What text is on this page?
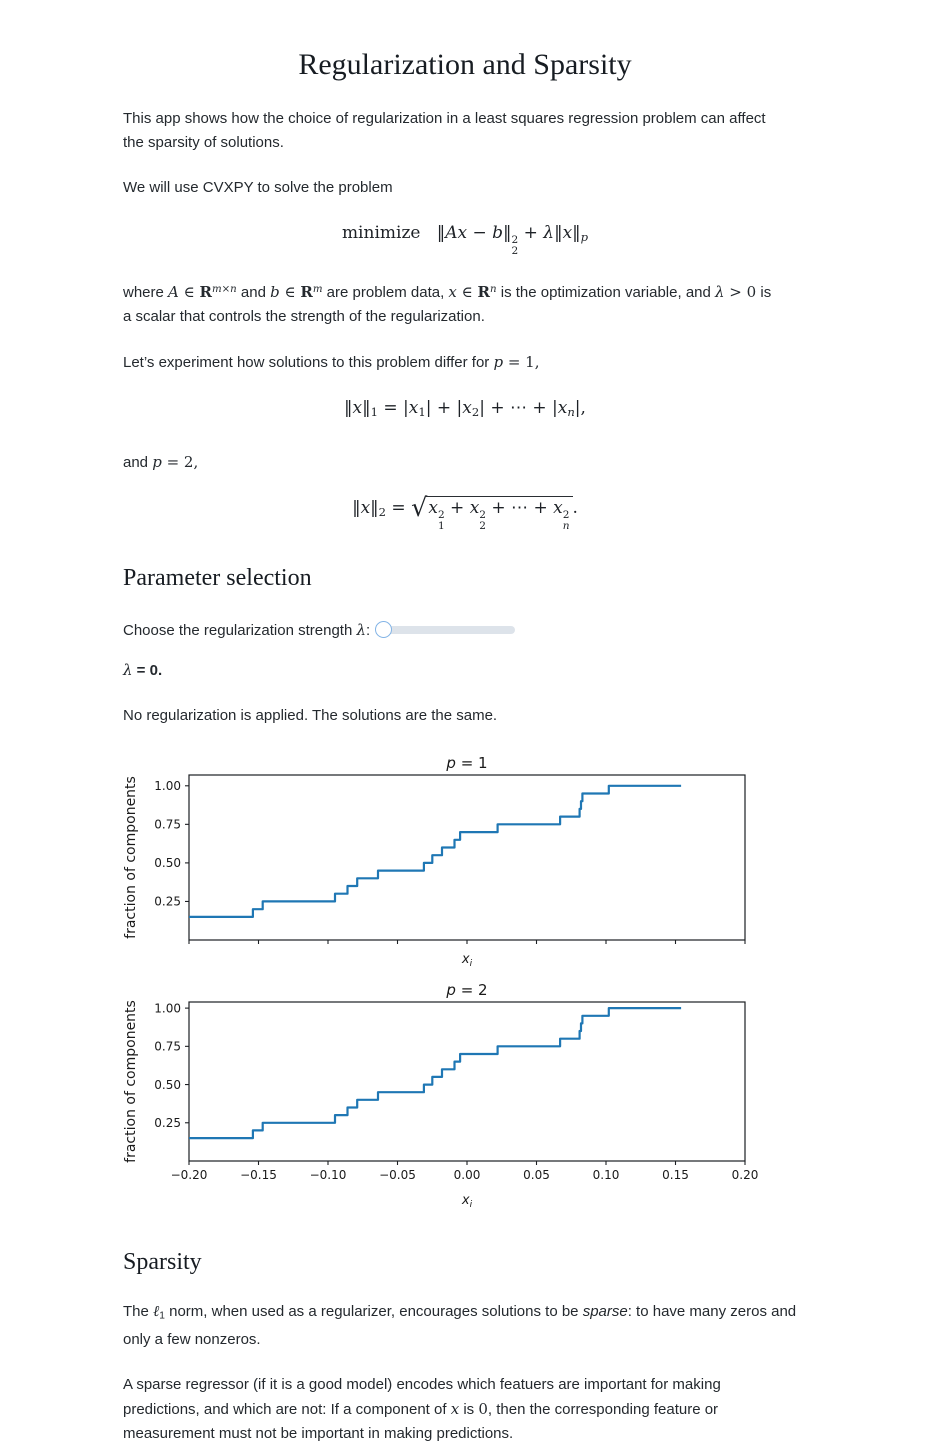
Regularization and Sparsity

This app shows how the choice of regularization in a least squares regression problem can affect
the sparsity of solutions.

We will use CVXPY to solve the problem

minimize ‖Ax − b‖ 2
2
+ $\lambda‖x‖_p$

where A ∈ $R^{m\times n}$ and b ∈ $R^m$ are problem data, x ∈ $R^n$ is the optimization variable, and λ > 0 is
a scalar that controls the strength of the regularization.

Let’s experiment how solutions to this problem differ for p = 1,

$‖x‖_1 = |x_1| + |x_2|$ + ⋯ + $|x_n|$,

and p = 2,

$‖x‖_2 = √x$ 2
1
+ x 2
2
+ ⋯ + x 2
n
.
Parameter selection
Choose the regularization strength λ:

λ = 0.

No regularization is applied. The solutions are the same.

p = 1
0.25
0.50
0.75
1.00
fraction of components
$x_i$
p = 2
0.25
0.50
0.75
1.00
−0.20	−0.15	−0.10	−0.05	0.00	0.05	0.10	0.15	0.20
fraction of components
$x_i$
Sparsity

The ℓ$_1$ norm, when used as a regularizer, encourages solutions to be sparse: to have many zeros and
only a few nonzeros.

A sparse regressor (if it is a good model) encodes which featuers are important for making
predictions, and which are not: If a component of x is 0, then the corresponding feature or
measurement must not be important in making predictions.
